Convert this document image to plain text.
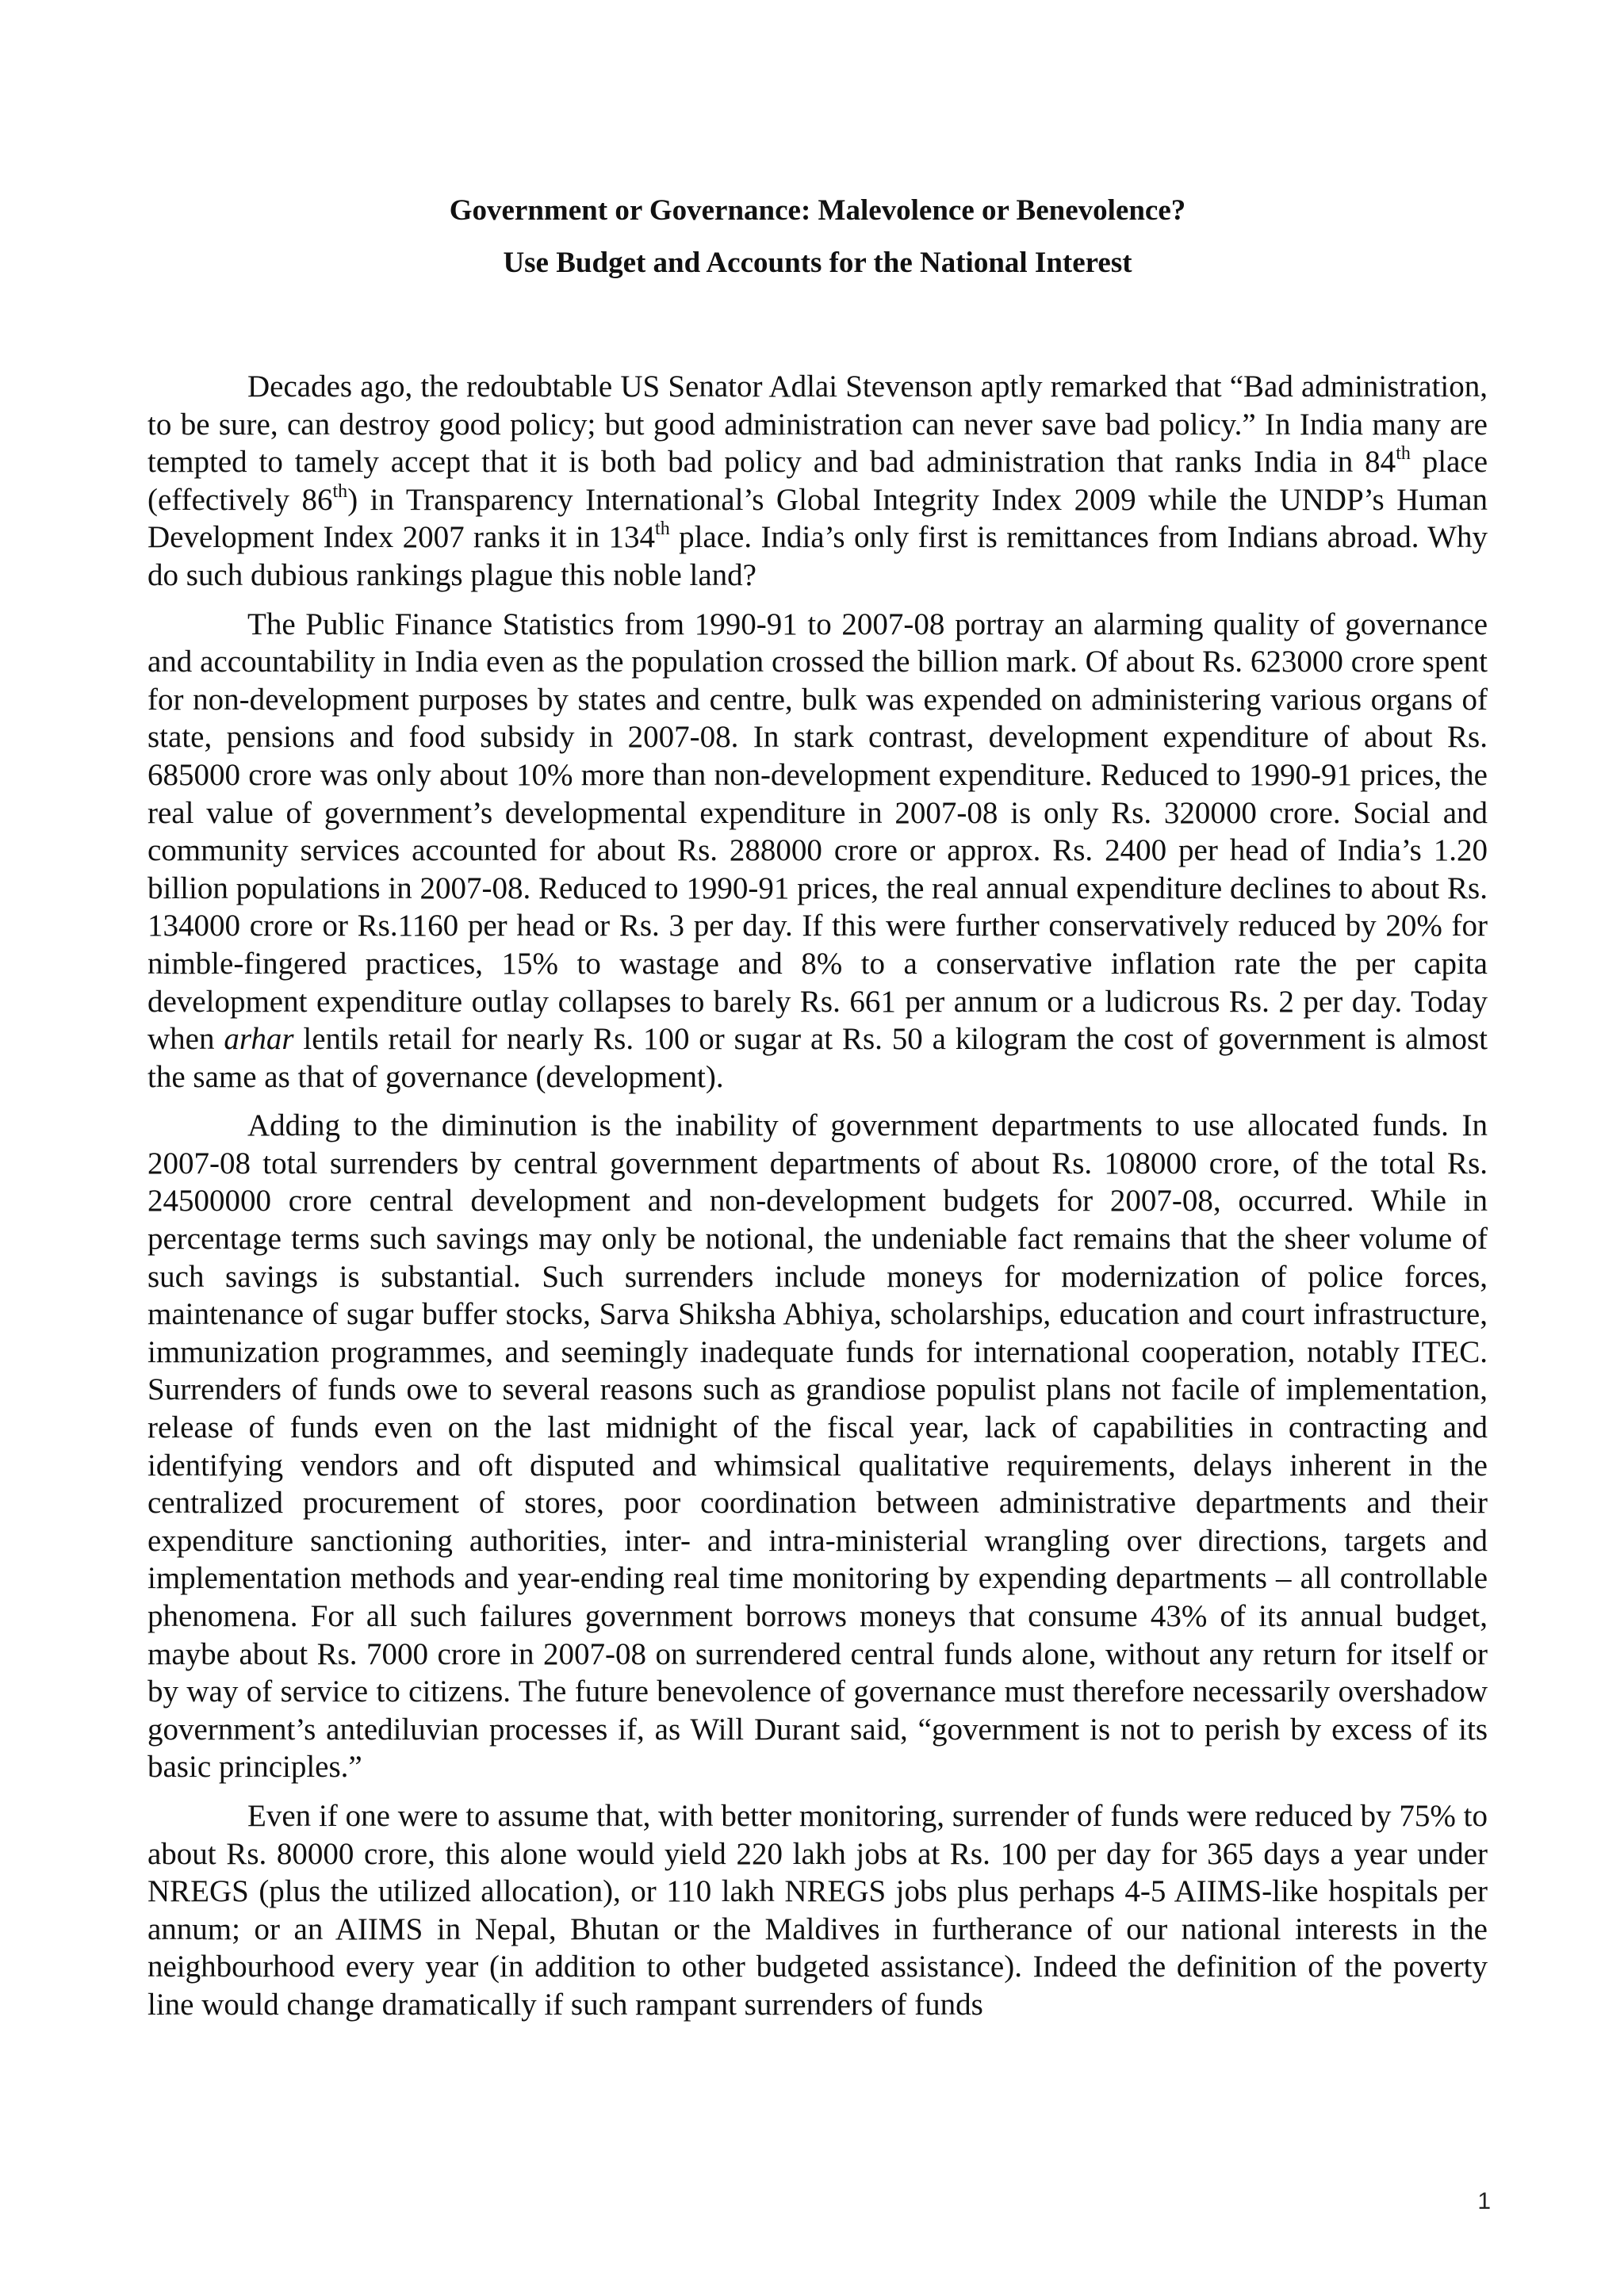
Government or Governance: Malevolence or Benevolence?
Use Budget and Accounts for the National Interest

Decades ago, the redoubtable US Senator Adlai Stevenson aptly remarked that “Bad administration, to be sure, can destroy good policy; but good administration can never save bad policy.” In India many are tempted to tamely accept that it is both bad policy and bad administration that ranks India in 84th place (effectively 86th) in Transparency International’s Global Integrity Index 2009 while the UNDP’s Human Development Index 2007 ranks it in 134th place. India’s only first is remittances from Indians abroad. Why do such dubious rankings plague this noble land?

The Public Finance Statistics from 1990-91 to 2007-08 portray an alarming quality of governance and accountability in India even as the population crossed the billion mark. Of about Rs. 623000 crore spent for non-development purposes by states and centre, bulk was expended on administering various organs of state, pensions and food subsidy in 2007-08. In stark contrast, development expenditure of about Rs. 685000 crore was only about 10% more than non-development expenditure. Reduced to 1990-91 prices, the real value of government’s developmental expenditure in 2007-08 is only Rs. 320000 crore. Social and community services accounted for about Rs. 288000 crore or approx. Rs. 2400 per head of India’s 1.20 billion populations in 2007-08. Reduced to 1990-91 prices, the real annual expenditure declines to about Rs. 134000 crore or Rs.1160 per head or Rs. 3 per day. If this were further conservatively reduced by 20% for nimble-fingered practices, 15% to wastage and 8% to a conservative inflation rate the per capita development expenditure outlay collapses to barely Rs. 661 per annum or a ludicrous Rs. 2 per day. Today when arhar lentils retail for nearly Rs. 100 or sugar at Rs. 50 a kilogram the cost of government is almost the same as that of governance (development).

Adding to the diminution is the inability of government departments to use allocated funds. In 2007-08 total surrenders by central government departments of about Rs. 108000 crore, of the total Rs. 24500000 crore central development and non-development budgets for 2007-08, occurred. While in percentage terms such savings may only be notional, the undeniable fact remains that the sheer volume of such savings is substantial. Such surrenders include moneys for modernization of police forces, maintenance of sugar buffer stocks, Sarva Shiksha Abhiya, scholarships, education and court infrastructure, immunization programmes, and seemingly inadequate funds for international cooperation, notably ITEC. Surrenders of funds owe to several reasons such as grandiose populist plans not facile of implementation, release of funds even on the last midnight of the fiscal year, lack of capabilities in contracting and identifying vendors and oft disputed and whimsical qualitative requirements, delays inherent in the centralized procurement of stores, poor coordination between administrative departments and their expenditure sanctioning authorities, inter- and intra-ministerial wrangling over directions, targets and implementation methods and year-ending real time monitoring by expending departments – all controllable phenomena. For all such failures government borrows moneys that consume 43% of its annual budget, maybe about Rs. 7000 crore in 2007-08 on surrendered central funds alone, without any return for itself or by way of service to citizens. The future benevolence of governance must therefore necessarily overshadow government’s antediluvian processes if, as Will Durant said, “government is not to perish by excess of its basic principles.”

Even if one were to assume that, with better monitoring, surrender of funds were reduced by 75% to about Rs. 80000 crore, this alone would yield 220 lakh jobs at Rs. 100 per day for 365 days a year under NREGS (plus the utilized allocation), or 110 lakh NREGS jobs plus perhaps 4-5 AIIMS-like hospitals per annum; or an AIIMS in Nepal, Bhutan or the Maldives in furtherance of our national interests in the neighbourhood every year (in addition to other budgeted assistance). Indeed the definition of the poverty line would change dramatically if such rampant surrenders of funds

1
